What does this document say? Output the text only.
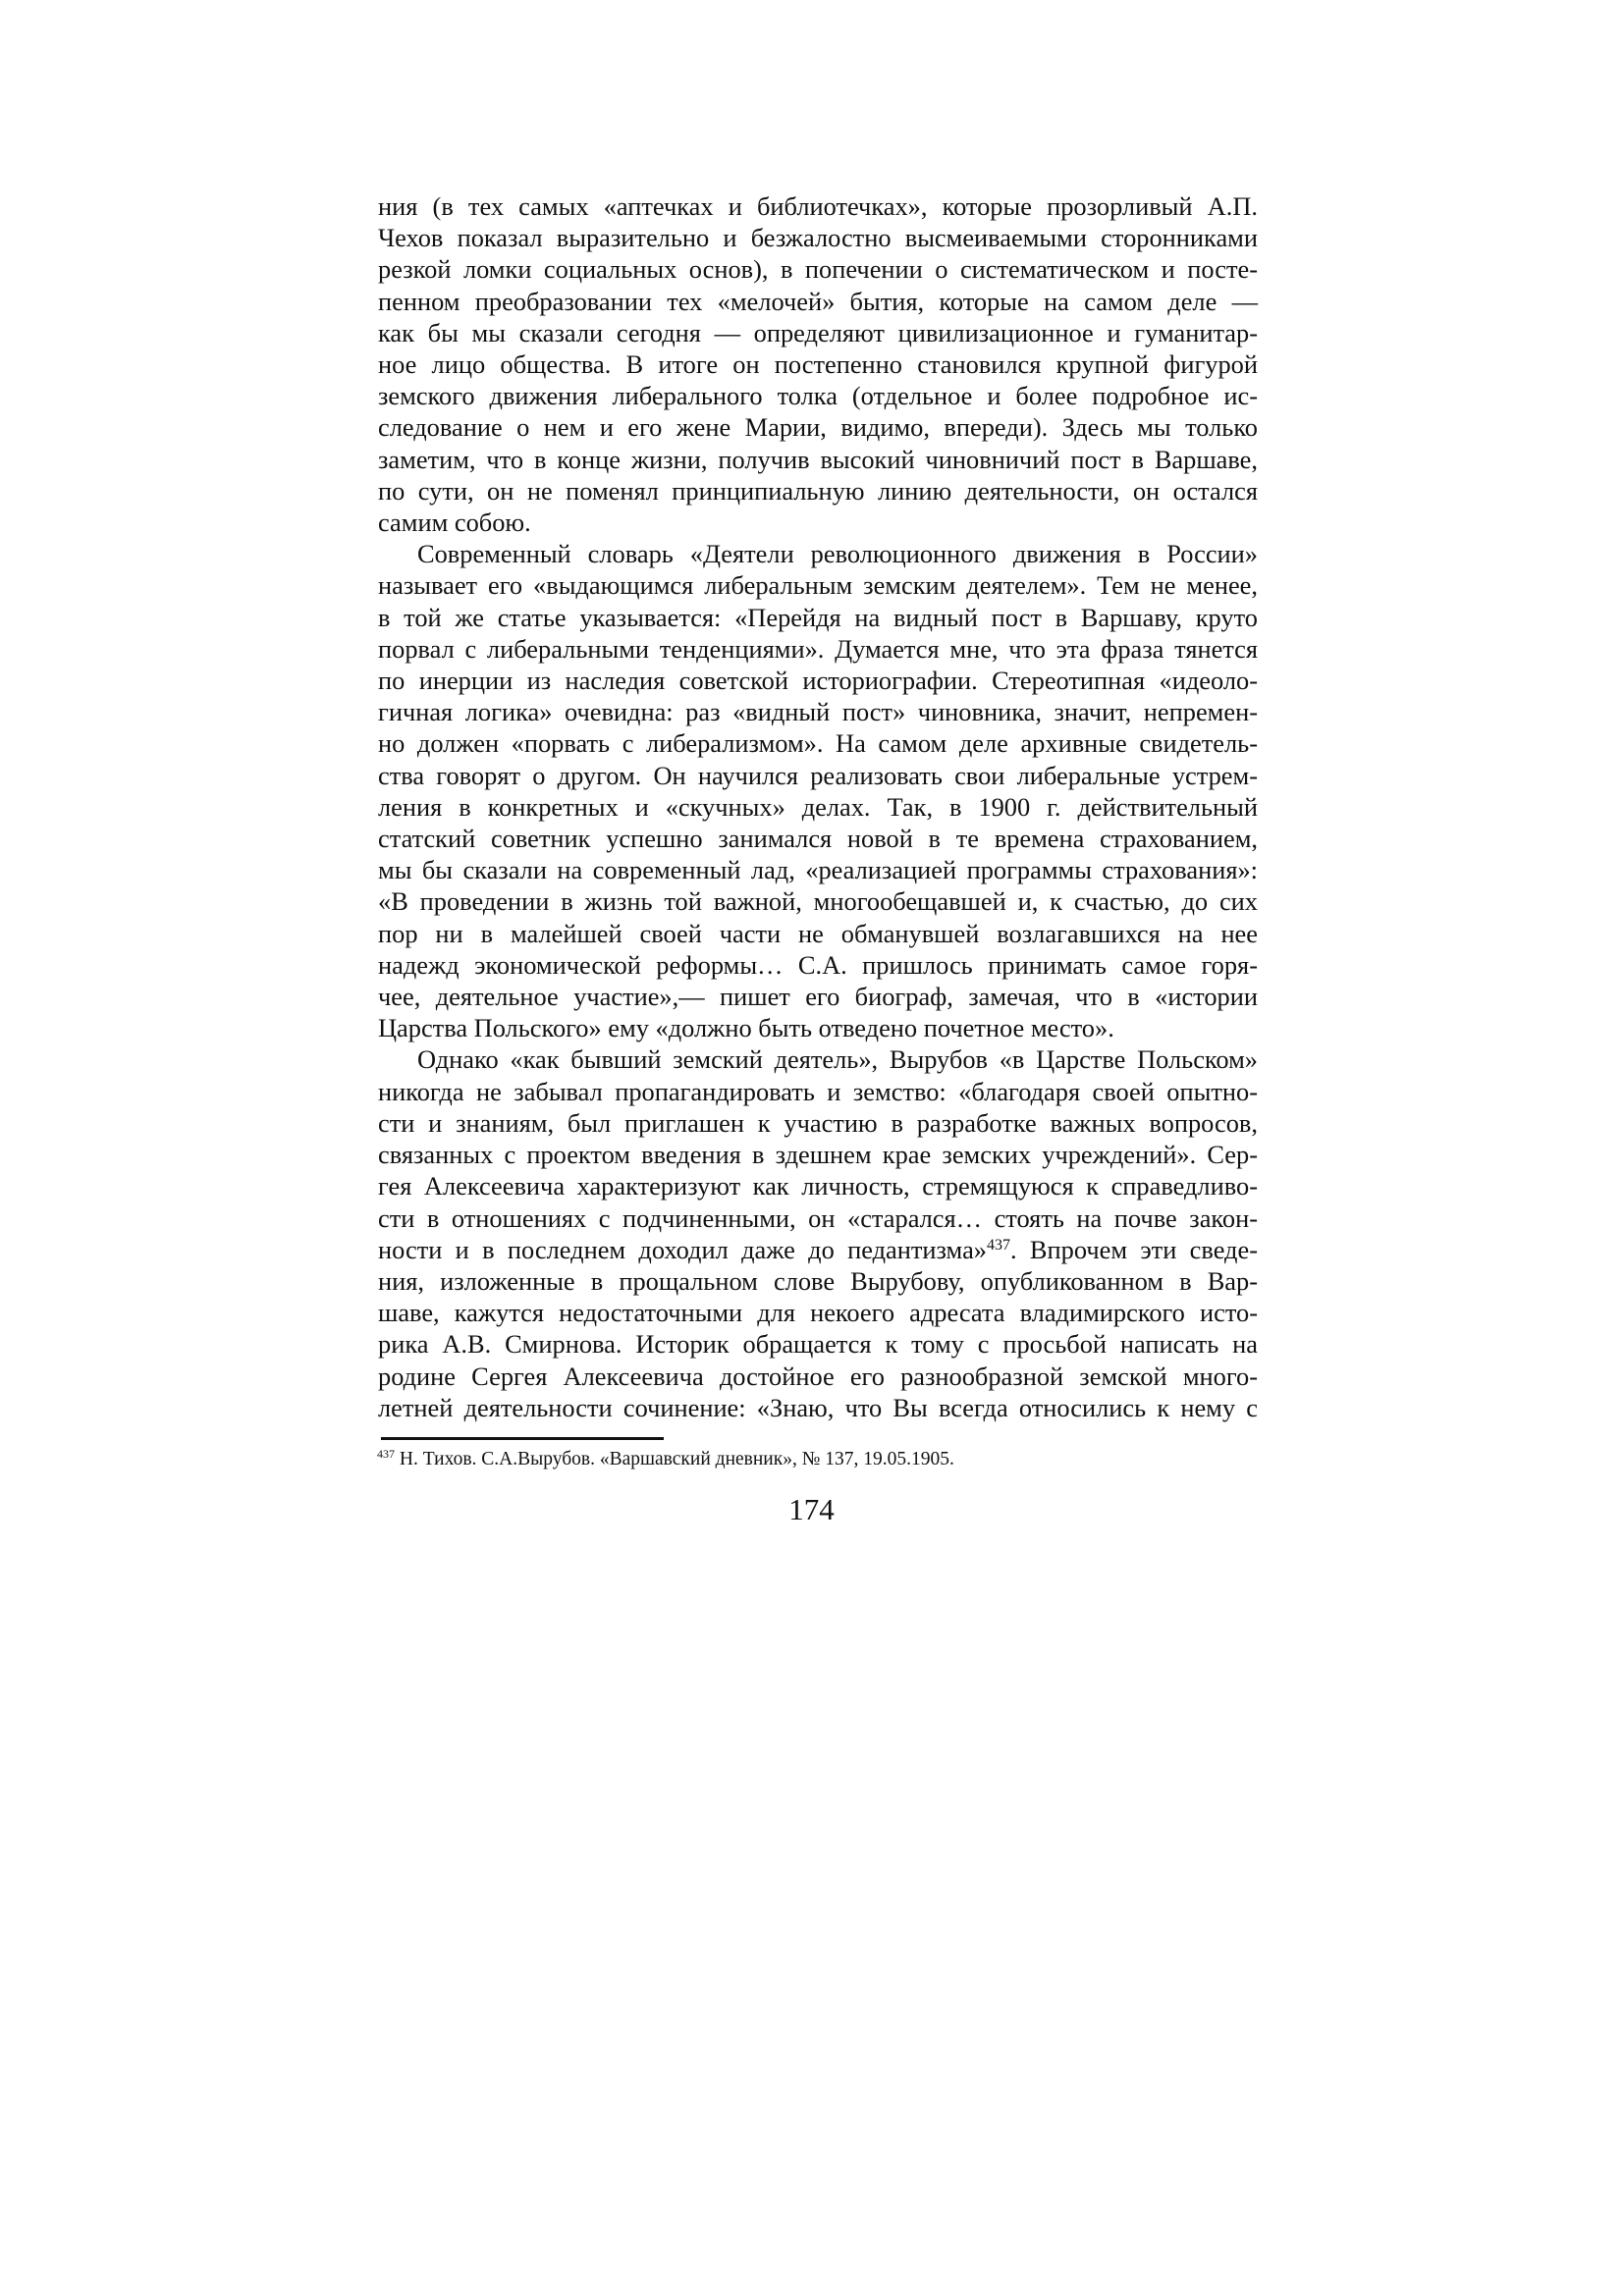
ния (в тех самых «аптечках и библиотечках», которые прозорливый А.П.
Чехов показал выразительно и безжалостно высмеиваемыми сторонниками
резкой ломки социальных основ), в попечении о систематическом и посте-
пенном преобразовании тех «мелочей» бытия, которые на самом деле —
как бы мы сказали сегодня — определяют цивилизационное и гуманитар-
ное лицо общества. В итоге он постепенно становился крупной фигурой
земского движения либерального толка (отдельное и более подробное ис-
следование о нем и его жене Марии, видимо, впереди). Здесь мы только
заметим, что в конце жизни, получив высокий чиновничий пост в Варшаве,
по сути, он не поменял принципиальную линию деятельности, он остался
самим собою.

Современный словарь «Деятели революционного движения в России»
называет его «выдающимся либеральным земским деятелем». Тем не менее,
в той же статье указывается: «Перейдя на видный пост в Варшаву, круто
порвал с либеральными тенденциями». Думается мне, что эта фраза тянется
по инерции из наследия советской историографии. Стереотипная «идеоло-
гичная логика» очевидна: раз «видный пост» чиновника, значит, непремен-
но должен «порвать с либерализмом». На самом деле архивные свидетель-
ства говорят о другом. Он научился реализовать свои либеральные устрем-
ления в конкретных и «скучных» делах. Так, в 1900 г. действительный
статский советник успешно занимался новой в те времена страхованием,
мы бы сказали на современный лад, «реализацией программы страхования»:
«В проведении в жизнь той важной, многообещавшей и, к счастью, до сих
пор ни в малейшей своей части не обманувшей возлагавшихся на нее
надежд экономической реформы… С.А. пришлось принимать самое горя-
чее, деятельное участие»,— пишет его биограф, замечая, что в «истории
Царства Польского» ему «должно быть отведено почетное место».

Однако «как бывший земский деятель», Вырубов «в Царстве Польском»
никогда не забывал пропагандировать и земство: «благодаря своей опытно-
сти и знаниям, был приглашен к участию в разработке важных вопросов,
связанных с проектом введения в здешнем крае земских учреждений». Сер-
гея Алексеевича характеризуют как личность, стремящуюся к справедливо-
сти в отношениях с подчиненными, он «старался… стоять на почве закон-
ности и в последнем доходил даже до педантизма»$^{437}$. Впрочем эти сведе-
ния, изложенные в прощальном слове Вырубову, опубликованном в Вар-
шаве, кажутся недостаточными для некоего адресата владимирского исто-
рика А.В. Смирнова. Историк обращается к тому с просьбой написать на
родине Сергея Алексеевича достойное его разнообразной земской много-
летней деятельности сочинение: «Знаю, что Вы всегда относились к нему с

$^{437}$ Н. Тихов. С.А.Вырубов. «Варшавский дневник», № 137, 19.05.1905.
174
